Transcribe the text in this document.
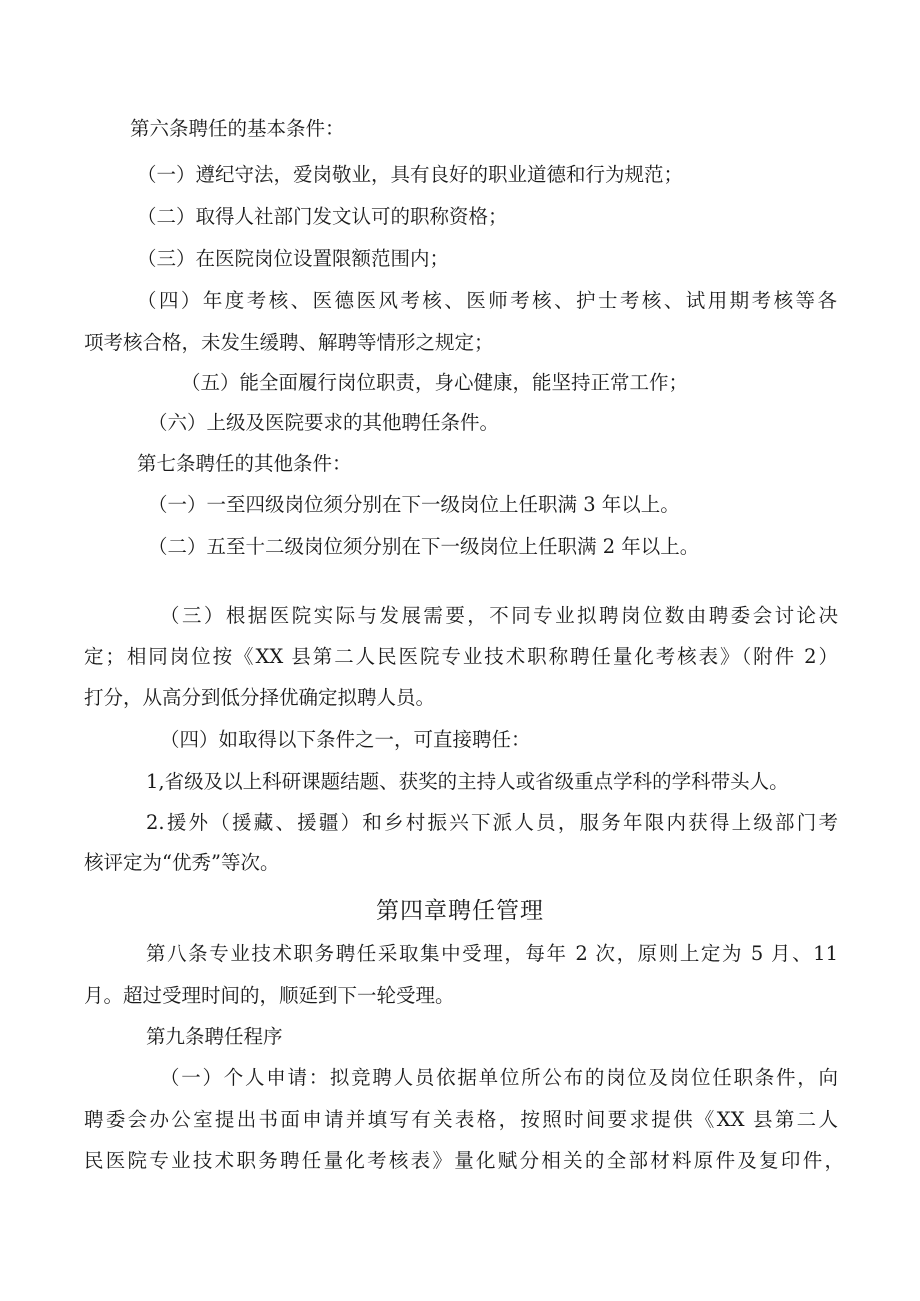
第六条聘任的基本条件：
（一）遵纪守法，爱岗敬业，具有良好的职业道德和行为规范；
（二）取得人社部门发文认可的职称资格；
（三）在医院岗位设置限额范围内；
（四）年度考核、医德医风考核、医师考核、护士考核、试用期考核等各
项考核合格，未发生缓聘、解聘等情形之规定；
（五）能全面履行岗位职责，身心健康，能坚持正常工作；
（六）上级及医院要求的其他聘任条件。
第七条聘任的其他条件：
（一）一至四级岗位须分别在下一级岗位上任职满 3 年以上。
（二）五至十二级岗位须分别在下一级岗位上任职满 2 年以上。
（三）根据医院实际与发展需要，不同专业拟聘岗位数由聘委会讨论决
定；相同岗位按《XX 县第二人民医院专业技术职称聘任量化考核表》（附件 2）
打分，从高分到低分择优确定拟聘人员。
（四）如取得以下条件之一，可直接聘任：
1,省级及以上科研课题结题、获奖的主持人或省级重点学科的学科带头人。
2.援外（援藏、援疆）和乡村振兴下派人员，服务年限内获得上级部门考
核评定为“优秀”等次。
第四章聘任管理
第八条专业技术职务聘任采取集中受理，每年 2 次，原则上定为 5 月、11
月。超过受理时间的，顺延到下一轮受理。
第九条聘任程序
（一）个人申请：拟竞聘人员依据单位所公布的岗位及岗位任职条件，向
聘委会办公室提出书面申请并填写有关表格，按照时间要求提供《XX 县第二人
民医院专业技术职务聘任量化考核表》量化赋分相关的全部材料原件及复印件，
